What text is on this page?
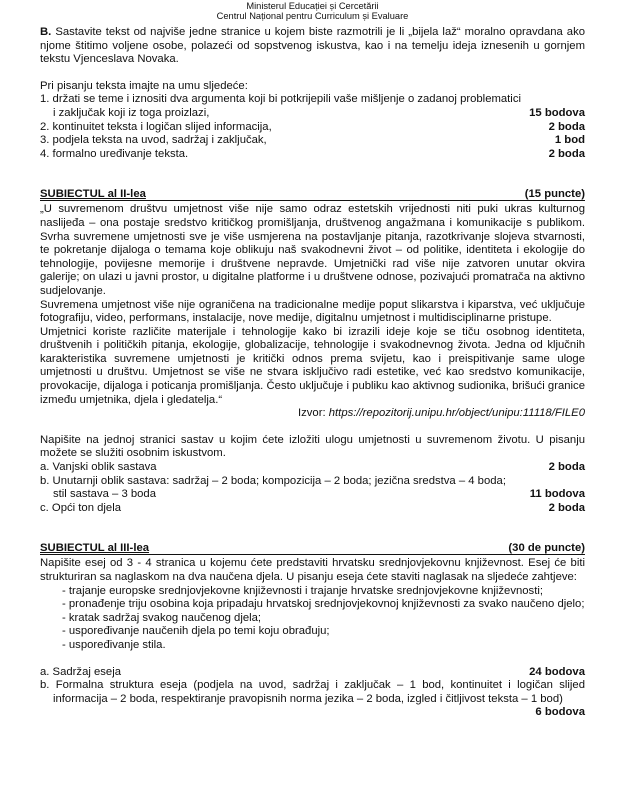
Ministerul Educației și Cercetării
Centrul Național pentru Curriculum și Evaluare

B. Sastavite tekst od najviše jedne stranice u kojem biste razmotrili je li „bijela laž“ moralno opravdana ako njome štitimo voljene osobe, polazeći od sopstvenog iskustva, kao i na temelju ideja iznesenih u gornjem tekstu Vjenceslava Novaka.

Pri pisanju teksta imajte na umu sljedeće:

1. držati se teme i iznositi dva argumenta koji bi potkrijepili vaše mišljenje o zadanoj problematici i zaključak koji iz toga proizlazi,	15 bodova
2. kontinuitet teksta i logičan slijed informacija,	2 boda
3. podjela teksta na uvod, sadržaj i zaključak,	1 bod
4. formalno uređivanje teksta.	2 boda
SUBIECTUL al II-lea	(15 puncte)

„U suvremenom društvu umjetnost više nije samo odraz estetskih vrijednosti niti puki ukras kulturnog naslijeđa – ona postaje sredstvo kritičkog promišljanja, društvenog angažmana i komunikacije s publikom. Svrha suvremene umjetnosti sve je više usmjerena na postavljanje pitanja, razotkrivanje slojeva stvarnosti, te pokretanje dijaloga o temama koje oblikuju naš svakodnevni život – od politike, identiteta i ekologije do tehnologije, povijesne memorije i društvene nepravde. Umjetnički rad više nije zatvoren unutar okvira galerije; on ulazi u javni prostor, u digitalne platforme i u društvene odnose, pozivajući promatrača na aktivno sudjelovanje.

Suvremena umjetnost više nije ograničena na tradicionalne medije poput slikarstva i kiparstva, već uključuje fotografiju, video, performans, instalacije, nove medije, digitalnu umjetnost i multidisciplinarne pristupe.

Umjetnici koriste različite materijale i tehnologije kako bi izrazili ideje koje se tiču osobnog identiteta, društvenih i političkih pitanja, ekologije, globalizacije, tehnologije i svakodnevnog života. Jedna od ključnih karakteristika suvremene umjetnosti je kritički odnos prema svijetu, kao i preispitivanje same uloge umjetnosti u društvu. Umjetnost se više ne stvara isključivo radi estetike, već kao sredstvo komunikacije, provokacije, dijaloga i poticanja promišljanja. Često uključuje i publiku kao aktivnog sudionika, brišući granice između umjetnika, djela i gledatelja.“

Izvor: https://repozitorij.unipu.hr/object/unipu:11118/FILE0

Napišite na jednoj stranici sastav u kojim ćete izložiti ulogu umjetnosti u suvremenom životu. U pisanju možete se služiti osobnim iskustvom.

a. Vanjski oblik sastava	2 boda
b. Unutarnji oblik sastava: sadržaj – 2 boda; kompozicija – 2 boda; jezična sredstva – 4 boda; stil sastava – 3 boda	11 bodova
c. Opći ton djela	2 boda
SUBIECTUL al III-lea	(30 de puncte)

Napišite esej od 3 - 4 stranica u kojemu ćete predstaviti hrvatsku srednjovjekovnu književnost. Esej će biti strukturiran sa naglaskom na dva naučena djela. U pisanju eseja ćete staviti naglasak na sljedeće zahtjeve:

- trajanje europske srednjovjekovne književnosti i trajanje hrvatske srednjovjekovne književnosti;
- pronađenje triju osobina koja pripadaju hrvatskoj srednjovjekovnoj književnosti za svako naučeno djelo;
- kratak sadržaj svakog naučenog djela;
- uspoređivanje naučenih djela po temi koju obrađuju;
- uspoređivanje stila.
a. Sadržaj eseja	24 bodova
b. Formalna struktura eseja (podjela na uvod, sadržaj i zaključak – 1 bod, kontinuitet i logičan slijed informacija – 2 boda, respektiranje pravopisnih norma jezika – 2 boda, izgled i čitljivost teksta – 1 bod)
6 bodova
